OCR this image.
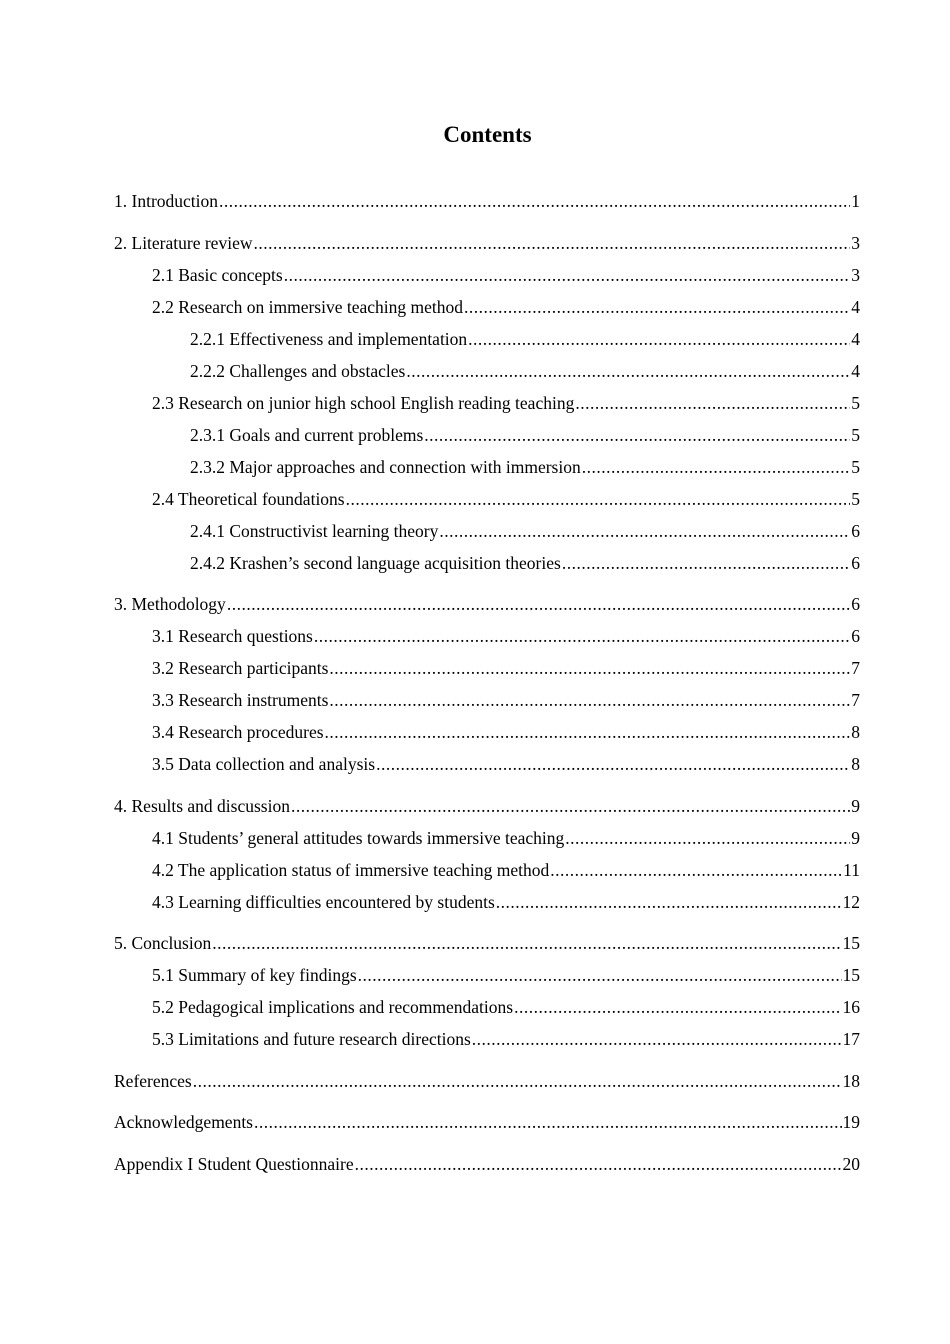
Contents
1. Introduction .....	1
2. Literature review .....	3
2.1 Basic concepts .....	3
2.2 Research on immersive teaching method .....	4
2.2.1 Effectiveness and implementation .....	4
2.2.2 Challenges and obstacles .....	4
2.3 Research on junior high school English reading teaching .....	5
2.3.1 Goals and current problems .....	5
2.3.2 Major approaches and connection with immersion .....	5
2.4 Theoretical foundations .....	5
2.4.1 Constructivist learning theory .....	6
2.4.2 Krashen’s second language acquisition theories .....	6
3. Methodology .....	6
3.1 Research questions .....	6
3.2 Research participants .....	7
3.3 Research instruments .....	7
3.4 Research procedures .....	8
3.5 Data collection and analysis .....	8
4. Results and discussion .....	9
4.1 Students’ general attitudes towards immersive teaching .....	9
4.2 The application status of immersive teaching method .....	11
4.3 Learning difficulties encountered by students .....	12
5. Conclusion .....	15
5.1 Summary of key findings .....	15
5.2 Pedagogical implications and recommendations .....	16
5.3 Limitations and future research directions .....	17
References .....	18
Acknowledgements .....	19
Appendix I Student Questionnaire .....	20
